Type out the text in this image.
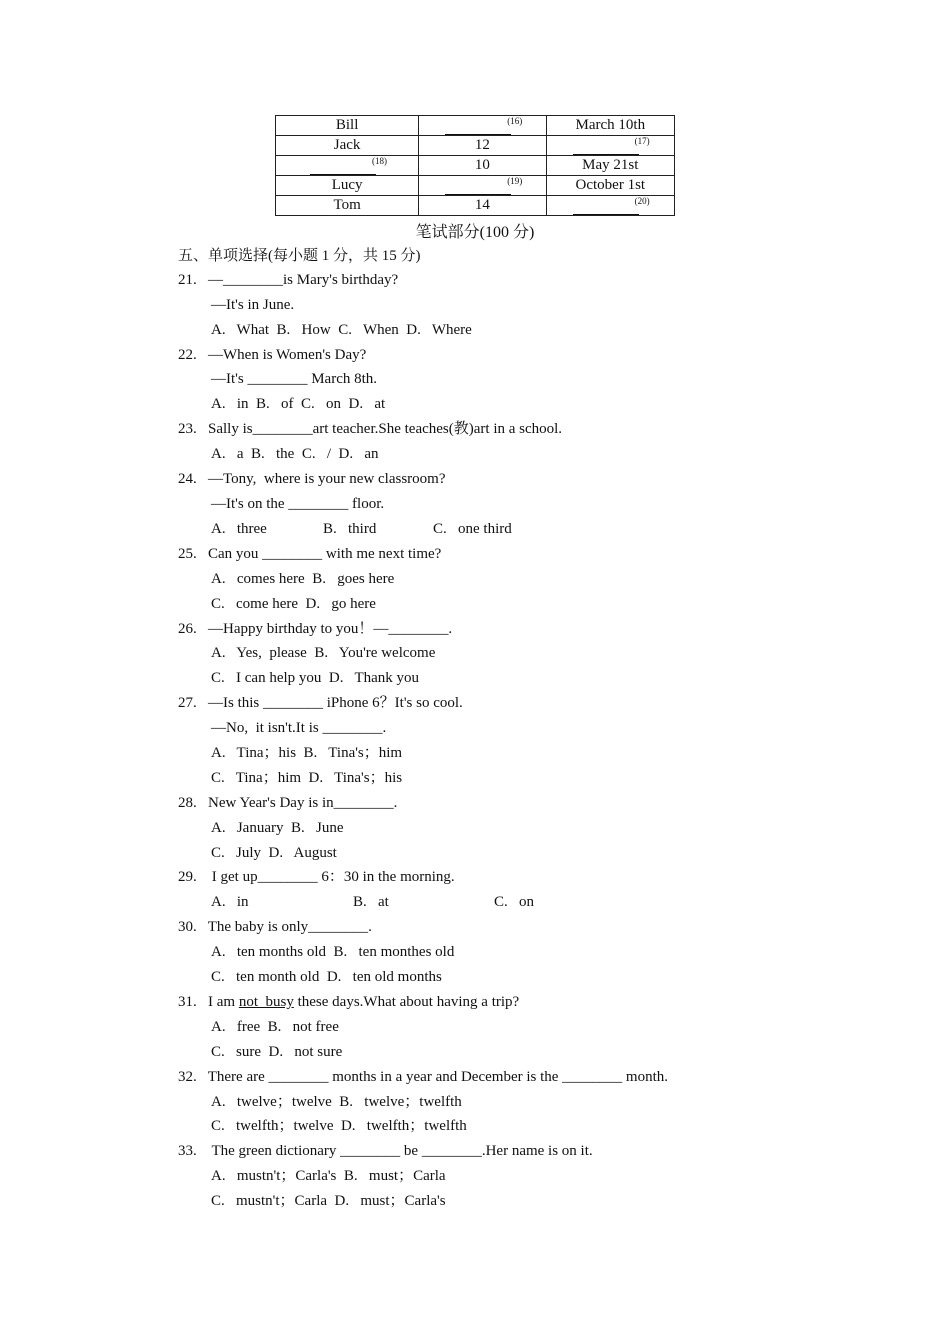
Bill	(16)	March 10th
Jack	12	(17)

(18)	10	May 21st
Lucy	(19)	October 1st
Tom	14	(20)
笔试部分(100 分)
五、单项选择(每小题 1 分，共 15 分)
21.   —________is Mary's birthday?
—It's in June.
A.   What  B.   How  C.   When  D.   Where
22.   —When is Women's Day?
—It's ________ March 8th.
A.   in  B.   of  C.   on  D.   at
23.   Sally is________art teacher.She teaches(教)art in a school.
A.   a  B.   the  C.   /  D.   an
24.   —Tony,  where is your new classroom?
—It's on the ________ floor.
A.   three	B.   third	C.   one third
25.   Can you ________ with me next time?
A.   comes here  B.   goes here
C.   come here  D.   go here
26.   —Happy birthday to you！—________.
A.   Yes,  please  B.   You're welcome
C.   I can help you  D.   Thank you
27.   —Is this ________ iPhone 6？It's so cool.
—No,  it isn't.It is ________.
A.   Tina；his  B.   Tina's；him
C.   Tina；him  D.   Tina's；his
28.   New Year's Day is in________.
A.   January  B.   June
C.   July  D.   August
29.    I get up________ 6：30 in the morning.
A.   in	B.   at	C.   on
30.   The baby is only________.
A.   ten months old  B.   ten monthes old
C.   ten month old  D.   ten old months
31.   I am not busy these days.What about having a trip?
A.   free  B.   not free
C.   sure  D.   not sure
32.   There are ________ months in a year and December is the ________ month.
A.   twelve；twelve  B.   twelve；twelfth
C.   twelfth；twelve  D.   twelfth；twelfth
33.    The green dictionary ________ be ________.Her name is on it.
A.   mustn't；Carla's  B.   must；Carla
C.   mustn't；Carla  D.   must；Carla's
